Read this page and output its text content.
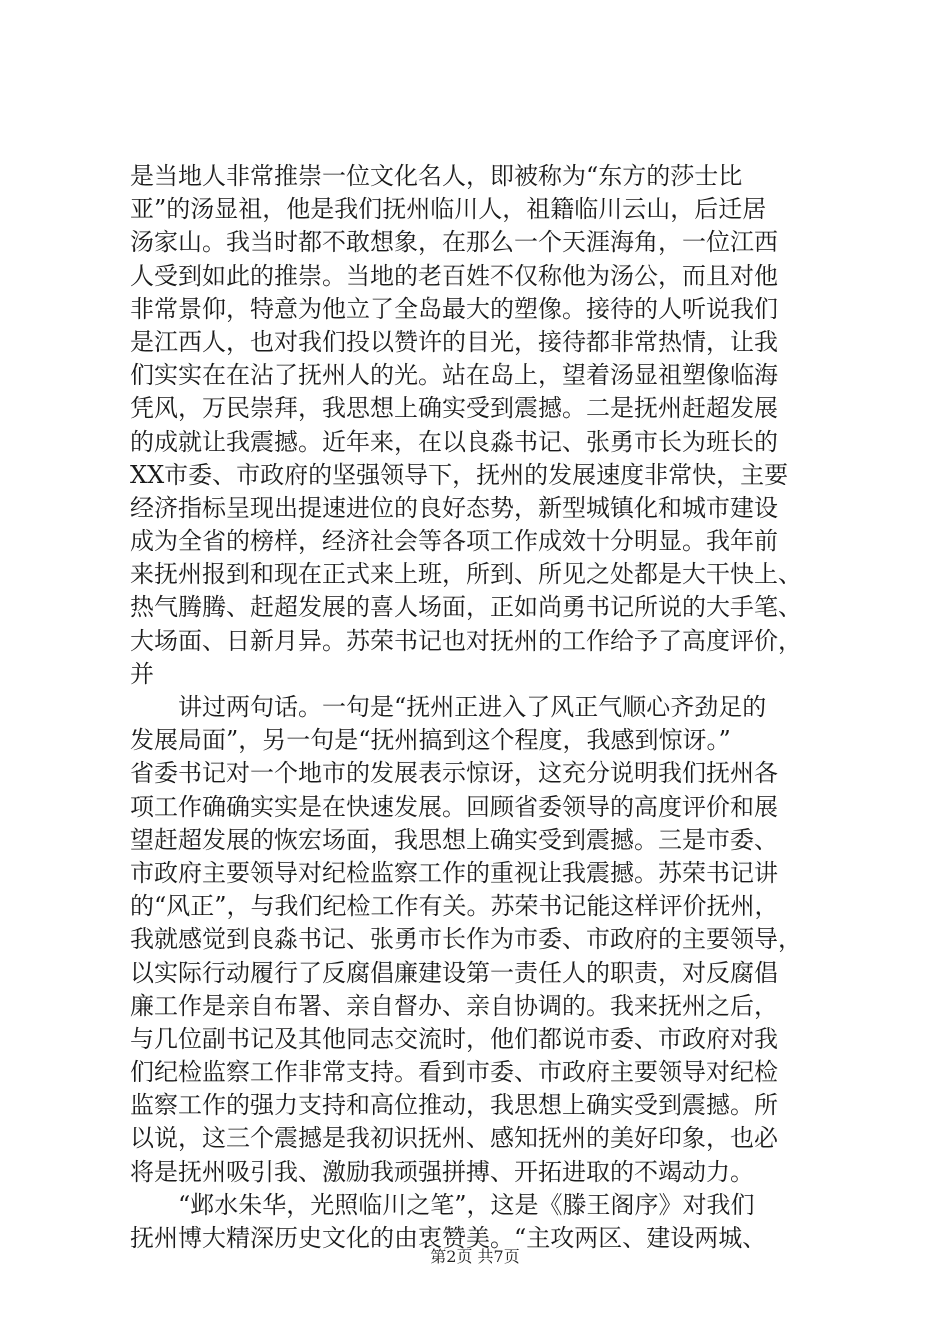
是当地人非常推崇一位文化名人，即被称为“东方的莎士比
亚”的汤显祖，他是我们抚州临川人，祖籍临川云山，后迁居
汤家山。我当时都不敢想象，在那么一个天涯海角，一位江西
人受到如此的推崇。当地的老百姓不仅称他为汤公，而且对他
非常景仰，特意为他立了全岛最大的塑像。接待的人听说我们
是江西人，也对我们投以赞许的目光，接待都非常热情，让我
们实实在在沾了抚州人的光。站在岛上，望着汤显祖塑像临海
凭风，万民崇拜，我思想上确实受到震撼。二是抚州赶超发展
的成就让我震撼。近年来，在以良淼书记、张勇市长为班长的
XX市委、市政府的坚强领导下，抚州的发展速度非常快，主要
经济指标呈现出提速进位的良好态势，新型城镇化和城市建设
成为全省的榜样，经济社会等各项工作成效十分明显。我年前
来抚州报到和现在正式来上班，所到、所见之处都是大干快上、
热气腾腾、赶超发展的喜人场面，正如尚勇书记所说的大手笔、
大场面、日新月异。苏荣书记也对抚州的工作给予了高度评价，
并
　　讲过两句话。一句是“抚州正进入了风正气顺心齐劲足的
发展局面”，另一句是“抚州搞到这个程度，我感到惊讶。”
省委书记对一个地市的发展表示惊讶，这充分说明我们抚州各
项工作确确实实是在快速发展。回顾省委领导的高度评价和展
望赶超发展的恢宏场面，我思想上确实受到震撼。三是市委、
市政府主要领导对纪检监察工作的重视让我震撼。苏荣书记讲
的“风正”，与我们纪检工作有关。苏荣书记能这样评价抚州，
我就感觉到良淼书记、张勇市长作为市委、市政府的主要领导，
以实际行动履行了反腐倡廉建设第一责任人的职责，对反腐倡
廉工作是亲自布署、亲自督办、亲自协调的。我来抚州之后，
与几位副书记及其他同志交流时，他们都说市委、市政府对我
们纪检监察工作非常支持。看到市委、市政府主要领导对纪检
监察工作的强力支持和高位推动，我思想上确实受到震撼。所
以说，这三个震撼是我初识抚州、感知抚州的美好印象，也必
将是抚州吸引我、激励我顽强拼搏、开拓进取的不竭动力。
　　“邺水朱华，光照临川之笔”，这是《滕王阁序》对我们
抚州博大精深历史文化的由衷赞美。“主攻两区、建设两城、
第2页 共7页
